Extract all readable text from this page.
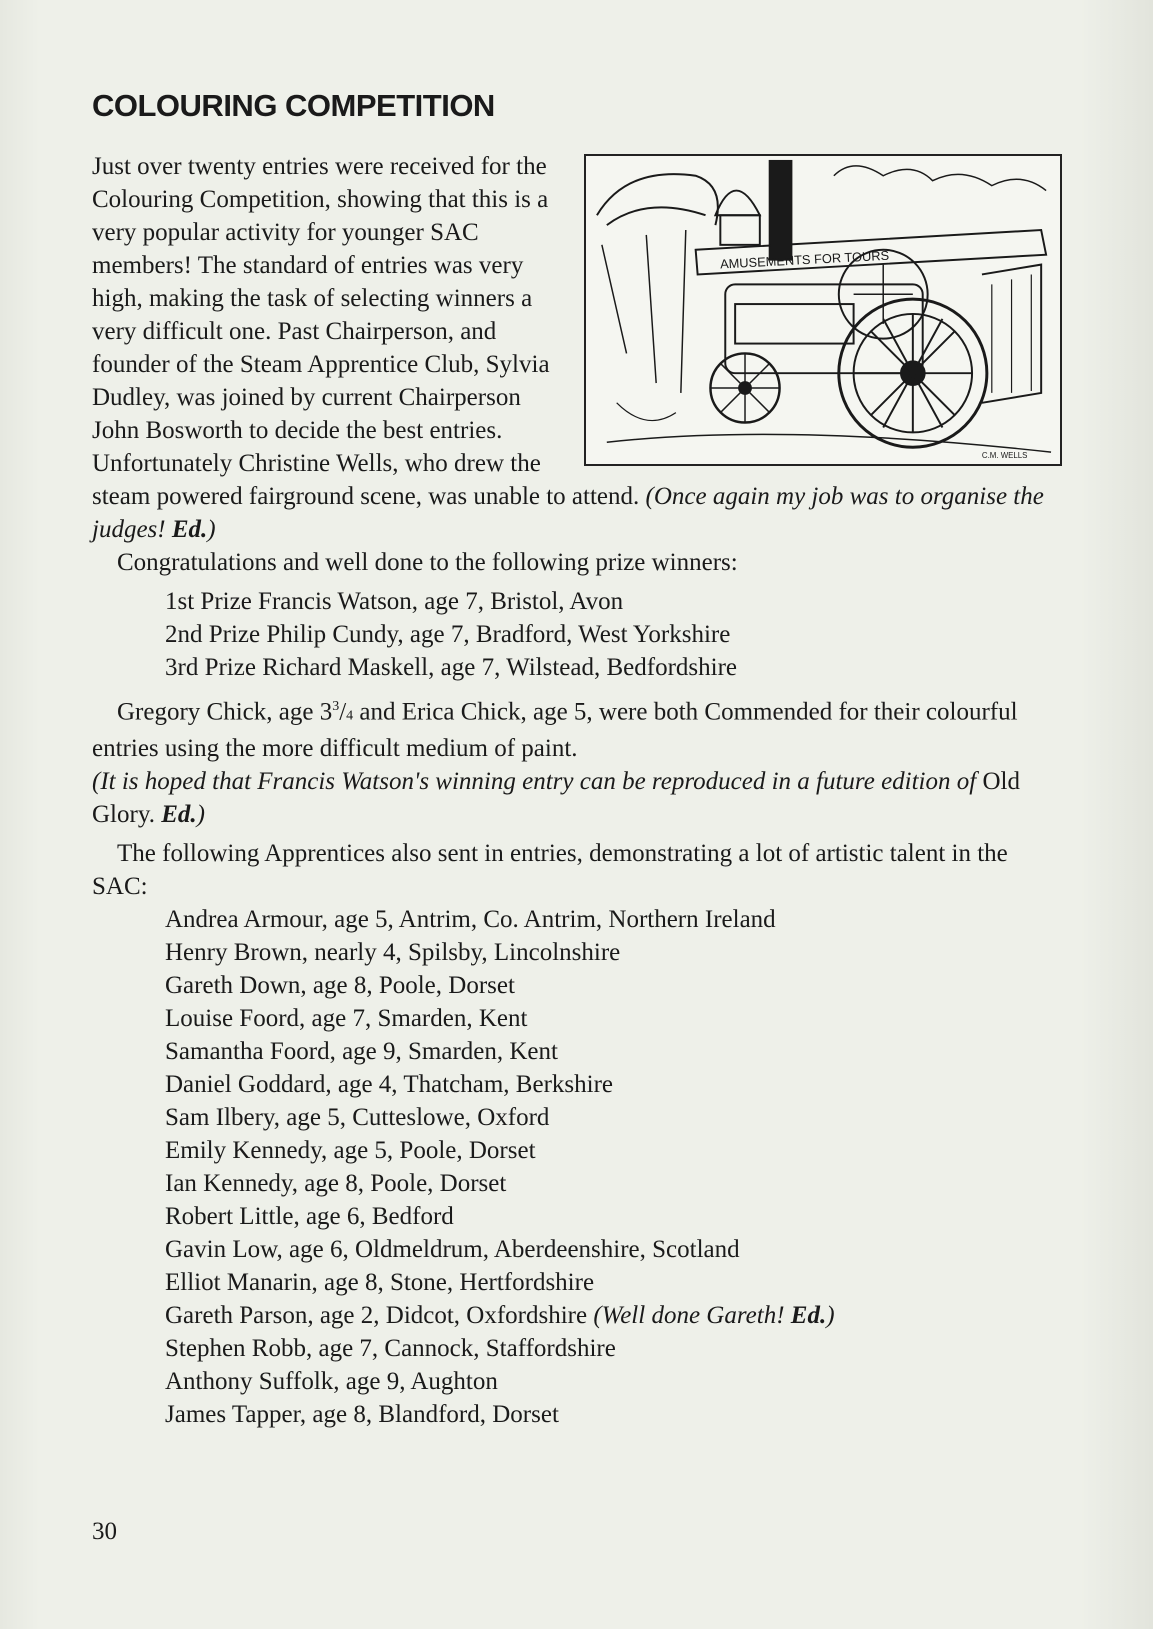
COLOURING COMPETITION
AMUSEMENTS FOR TOURS
C.M. WELLS

Just over twenty entries were received for the Colouring Competition, showing that this is a very popular activity for younger SAC members! The standard of entries was very high, making the task of selecting winners a very difficult one. Past Chairperson, and founder of the Steam Apprentice Club, Sylvia Dudley, was joined by current Chairperson John Bosworth to decide the best entries. Unfortunately Christine Wells, who drew the steam powered fairground scene, was unable to attend. (Once again my job was to organise the judges! Ed.)

Congratulations and well done to the following prize winners:

1st Prize Francis Watson, age 7, Bristol, Avon
2nd Prize Philip Cundy, age 7, Bradford, West Yorkshire
3rd Prize Richard Maskell, age 7, Wilstead, Bedfordshire

Gregory Chick, age $3^3/4$ and Erica Chick, age 5, were both Commended for their colourful entries using the more difficult medium of paint.

(It is hoped that Francis Watson's winning entry can be reproduced in a future edition of Old Glory. Ed.)

The following Apprentices also sent in entries, demonstrating a lot of artistic talent in the SAC:

Andrea Armour, age 5, Antrim, Co. Antrim, Northern Ireland
Henry Brown, nearly 4, Spilsby, Lincolnshire
Gareth Down, age 8, Poole, Dorset
Louise Foord, age 7, Smarden, Kent
Samantha Foord, age 9, Smarden, Kent
Daniel Goddard, age 4, Thatcham, Berkshire
Sam Ilbery, age 5, Cutteslowe, Oxford
Emily Kennedy, age 5, Poole, Dorset
Ian Kennedy, age 8, Poole, Dorset
Robert Little, age 6, Bedford
Gavin Low, age 6, Oldmeldrum, Aberdeenshire, Scotland
Elliot Manarin, age 8, Stone, Hertfordshire
Gareth Parson, age 2, Didcot, Oxfordshire (Well done Gareth! Ed.)
Stephen Robb, age 7, Cannock, Staffordshire
Anthony Suffolk, age 9, Aughton
James Tapper, age 8, Blandford, Dorset
30
